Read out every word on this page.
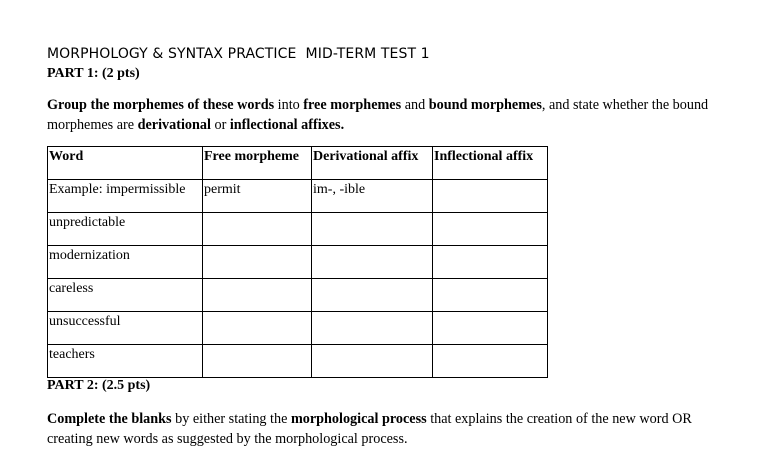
MORPHOLOGY & SYNTAX PRACTICE  MID-TERM TEST 1
PART 1: (2 pts)
Group the morphemes of these words into free morphemes and bound morphemes, and state whether the bound morphemes are derivational or inflectional affixes.
Word	Free morpheme	Derivational affix	Inflectional affix
Example: impermissible	permit	im-, -ible	
unpredictable			
modernization			
careless			
unsuccessful			
teachers			
PART 2: (2.5 pts)
Complete the blanks by either stating the morphological process that explains the creation of the new word OR creating new words as suggested by the morphological process.
